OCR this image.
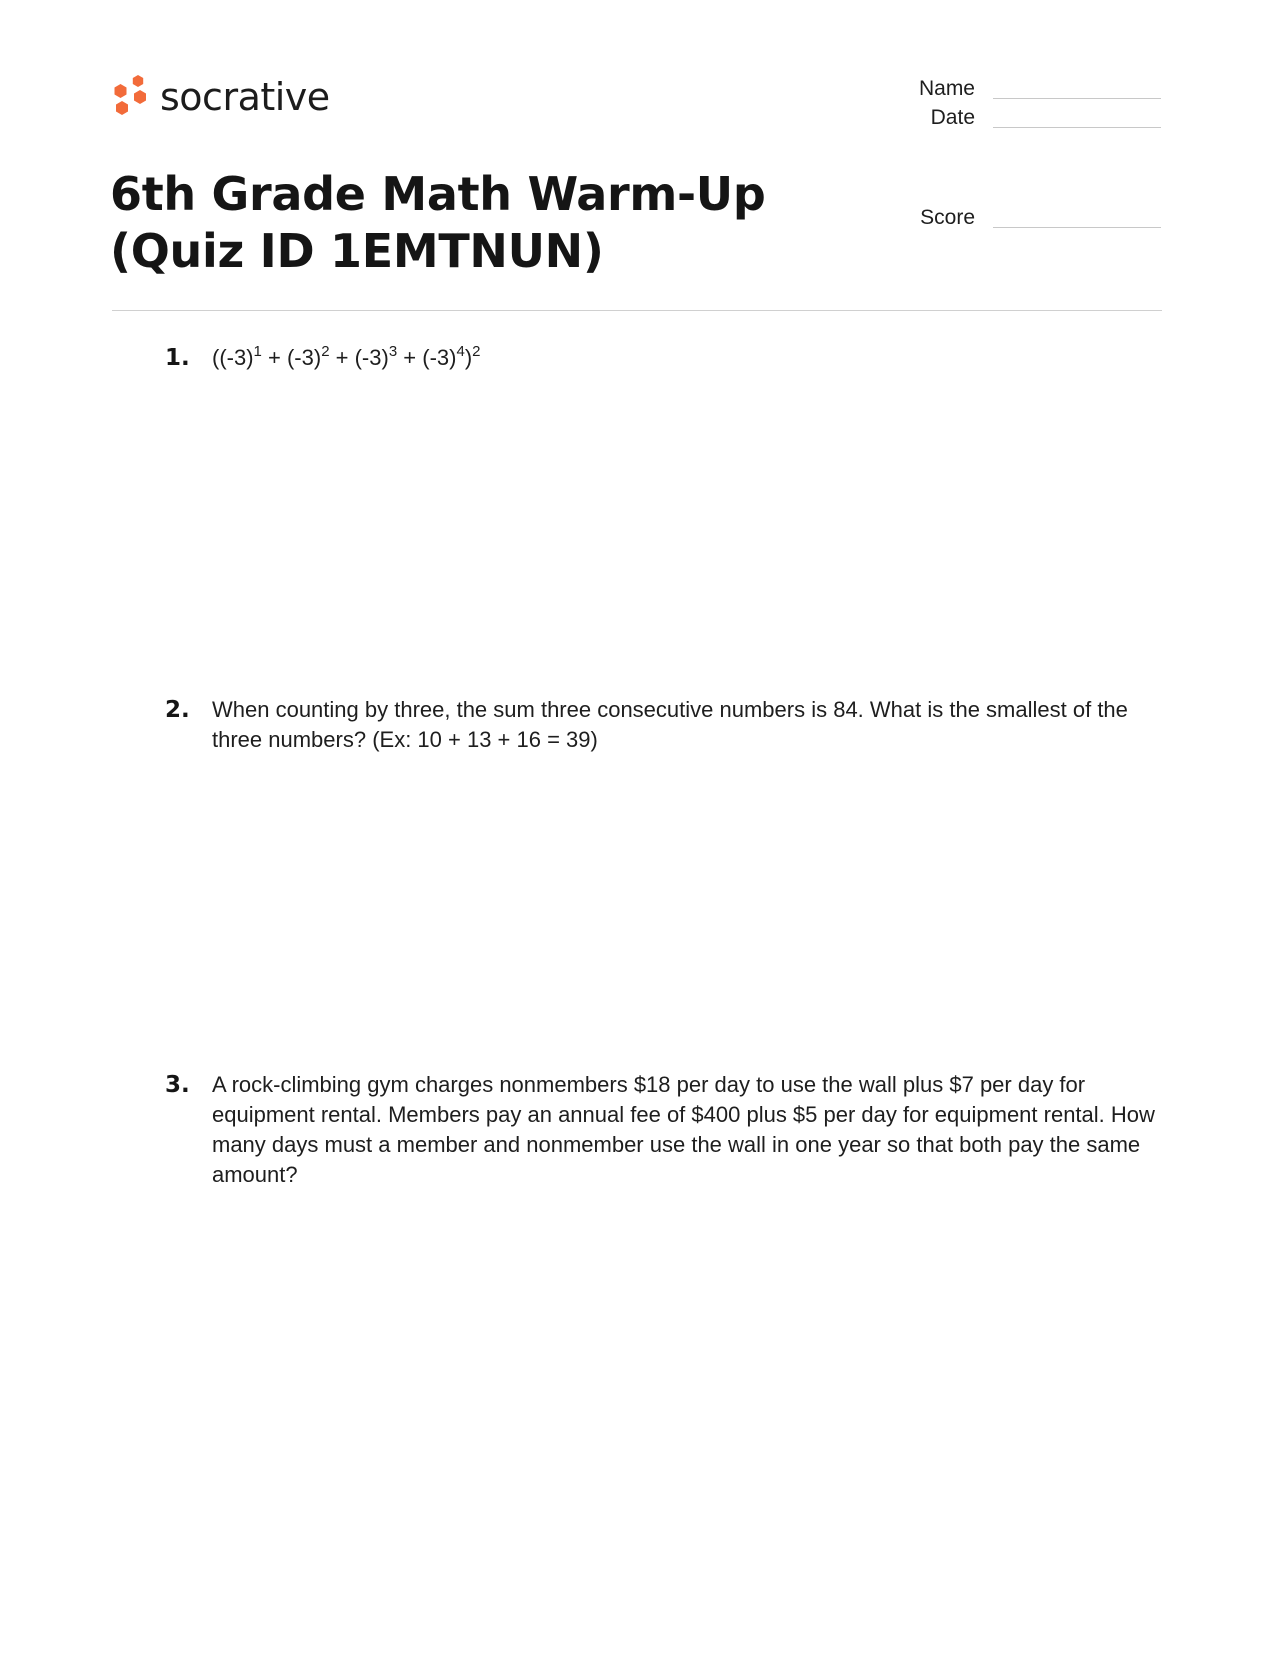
socrative	Name
Date
Score
6th Grade Math Warm-Up (Quiz ID 1EMTNUN)
1.	$((-3)^1 + (-3)^2 + (-3)^3 + (-3)^4)^2$
2.	When counting by three, the sum three consecutive numbers is 84. What is the smallest of the three numbers? (Ex: 10 + 13 + 16 = 39)
3.	A rock-climbing gym charges nonmembers $18 per day to use the wall plus $7 per day for equipment rental. Members pay an annual fee of $400 plus $5 per day for equipment rental. How many days must a member and nonmember use the wall in one year so that both pay the same amount?
